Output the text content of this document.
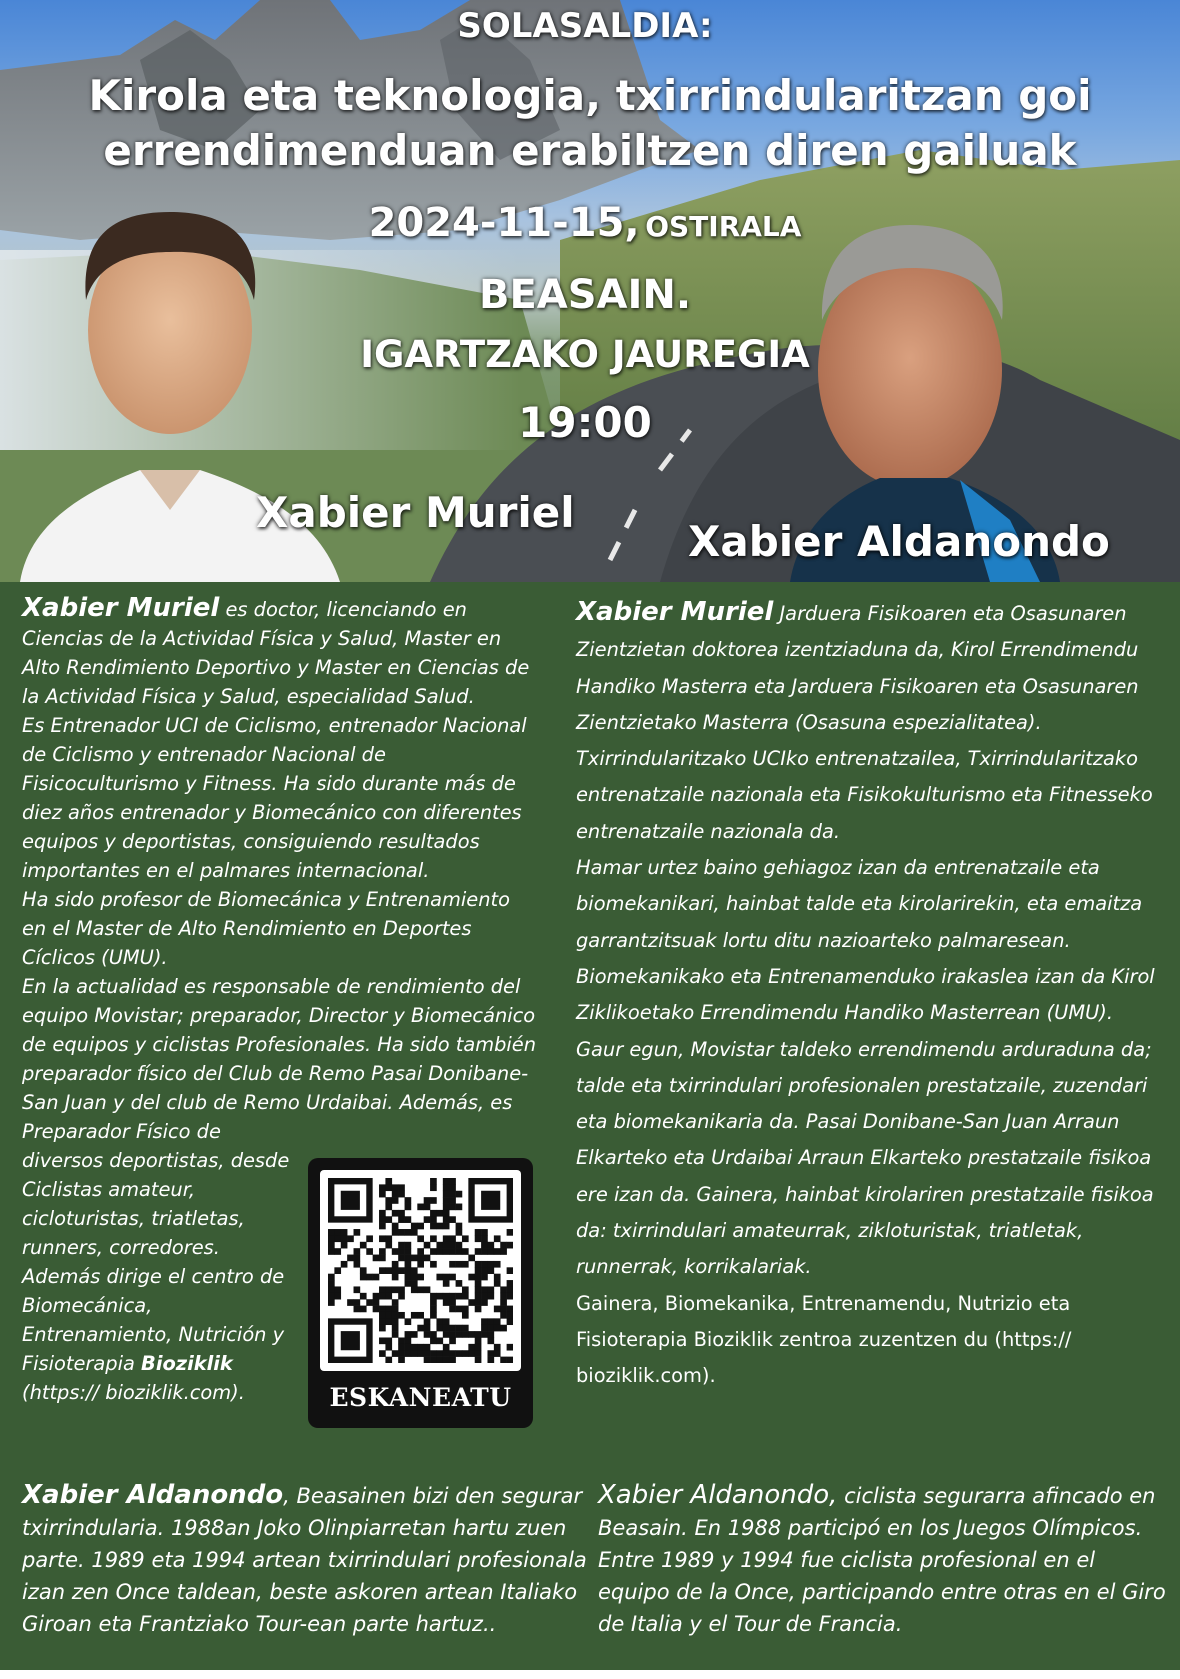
SOLASALDIA:

Kirola eta teknologia, txirrindularitzan goi errendimenduan erabiltzen diren gailuak

2024-11-15, OSTIRALA

BEASAIN.

IGARTZAKO JAUREGIA

19:00

Xabier Muriel

Xabier Aldanondo

Xabier Muriel es doctor, licenciando en Ciencias de la Actividad Física y Salud, Master en Alto Rendimiento Deportivo y Master en Ciencias de la Actividad Física y Salud, especialidad Salud.

Es Entrenador UCI de Ciclismo, entrenador Nacional de Ciclismo y entrenador Nacional de Fisicoculturismo y Fitness. Ha sido durante más de diez años entrenador y Biomecánico con diferentes equipos y deportistas, consiguiendo resultados importantes en el palmares internacional.

Ha sido profesor de Biomecánica y Entrenamiento en el Master de Alto Rendimiento en Deportes Cíclicos (UMU).

En la actualidad es responsable de rendimiento del equipo Movistar; preparador, Director y Biomecánico de equipos y ciclistas Profesionales. Ha sido también preparador físico del Club de Remo Pasai Donibane-San Juan y del club de Remo Urdaibai. Además, es

Preparador Físico de diversos deportistas, desde Ciclistas amateur, cicloturistas, triatletas, runners, corredores.

Además dirige el centro de Biomecánica, Entrenamiento, Nutrición y Fisioterapia Bioziklik (https:// bioziklik.com).	ESKANEATU

Xabier Muriel Jarduera Fisikoaren eta Osasunaren Zientzietan doktorea izentziaduna da, Kirol Errendimendu Handiko Masterra eta Jarduera Fisikoaren eta Osasunaren Zientzietako Masterra (Osasuna espezialitatea).

Txirrindularitzako UCIko entrenatzailea, Txirrindularitzako entrenatzaile nazionala eta Fisikokulturismo eta Fitnesseko entrenatzaile nazionala da.

Hamar urtez baino gehiagoz izan da entrenatzaile eta biomekanikari, hainbat talde eta kirolarirekin, eta emaitza garrantzitsuak lortu ditu nazioarteko palmaresean.

Biomekanikako eta Entrenamenduko irakaslea izan da Kirol Ziklikoetako Errendimendu Handiko Masterrean (UMU).

Gaur egun, Movistar taldeko errendimendu arduraduna da; talde eta txirrindulari profesionalen prestatzaile, zuzendari eta biomekanikaria da. Pasai Donibane-San Juan Arraun Elkarteko eta Urdaibai Arraun Elkarteko prestatzaile fisikoa ere izan da. Gainera, hainbat kirolariren prestatzaile fisikoa da: txirrindulari amateurrak, zikloturistak, triatletak, runnerrak, korrikalariak.

Gainera, Biomekanika, Entrenamendu, Nutrizio eta Fisioterapia Bioziklik zentroa zuzentzen du (https:// bioziklik.com).

Xabier Aldanondo, Beasainen bizi den segurar txirrindularia. 1988an Joko Olinpiarretan hartu zuen parte. 1989 eta 1994 artean txirrindulari profesionala izan zen Once taldean, beste askoren artean Italiako Giroan eta Frantziako Tour-ean parte hartuz..

Xabier Aldanondo, ciclista segurarra afincado en Beasain. En 1988 participó en los Juegos Olímpicos. Entre 1989 y 1994 fue ciclista profesional en el equipo de la Once, participando entre otras en el Giro de Italia y el Tour de Francia.
